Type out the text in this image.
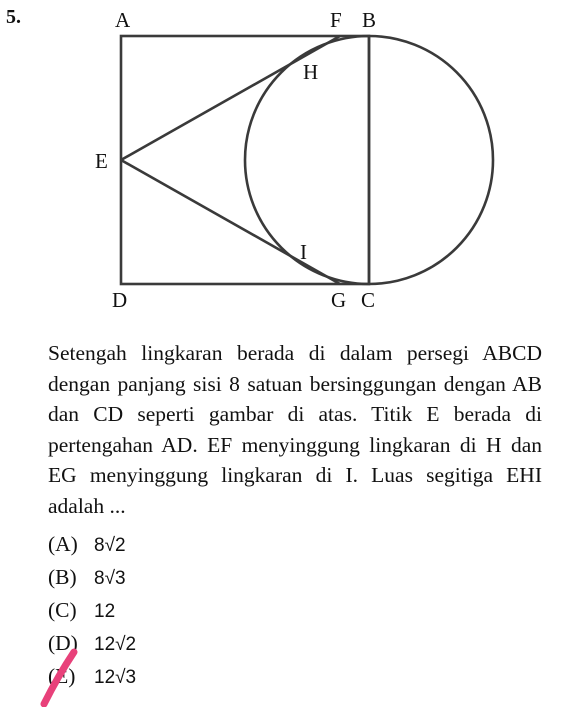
5.	A	F B
H
E
I
D	G C
Setengah lingkaran berada di dalam persegi ABCD dengan panjang sisi 8 satuan bersinggungan dengan AB dan CD seperti gambar di atas. Titik E berada di pertengahan AD. EF menyinggung lingkaran di H dan EG menyinggung lingkaran di I. Luas segitiga EHI adalah ...
(A) 8√2
(B) 8√3
(C) 12
(D) 12√2
(E) 12√3
